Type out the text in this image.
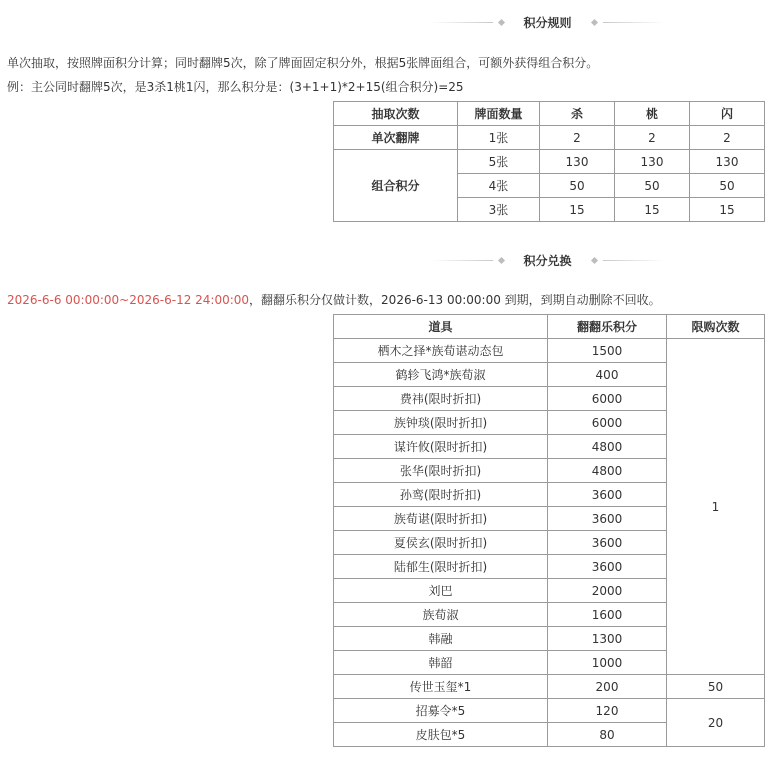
积分规则
单次抽取，按照牌面积分计算；同时翻牌5次，除了牌面固定积分外，根据5张牌面组合，可额外获得组合积分。
例：主公同时翻牌5次，是3杀1桃1闪，那么积分是：(3+1+1)*2+15(组合积分)=25
抽取次数	牌面数量	杀	桃	闪
单次翻牌	1张	2	2	2
组合积分	5张	130	130	130
	4张	50	50	50
	3张	15	15	15
积分兑换
2026-6-6 00:00:00~2026-6-12 24:00:00，翻翻乐积分仅做计数，2026-6-13 00:00:00 到期，到期自动删除不回收。
道具	翻翻乐积分	限购次数
栖木之择*族荀谌动态包	1500	1
鹤轸飞鸿*族荀淑	400	
费祎(限时折扣)	6000	
族钟琰(限时折扣)	6000	
谋许攸(限时折扣)	4800	
张华(限时折扣)	4800	
孙鸾(限时折扣)	3600	
族荀谌(限时折扣)	3600	
夏侯玄(限时折扣)	3600	
陆郁生(限时折扣)	3600	
刘巴	2000	
族荀淑	1600	
韩融	1300	
韩韶	1000	
传世玉玺*1	200	50
招募令*5	120	20
皮肤包*5	80	
